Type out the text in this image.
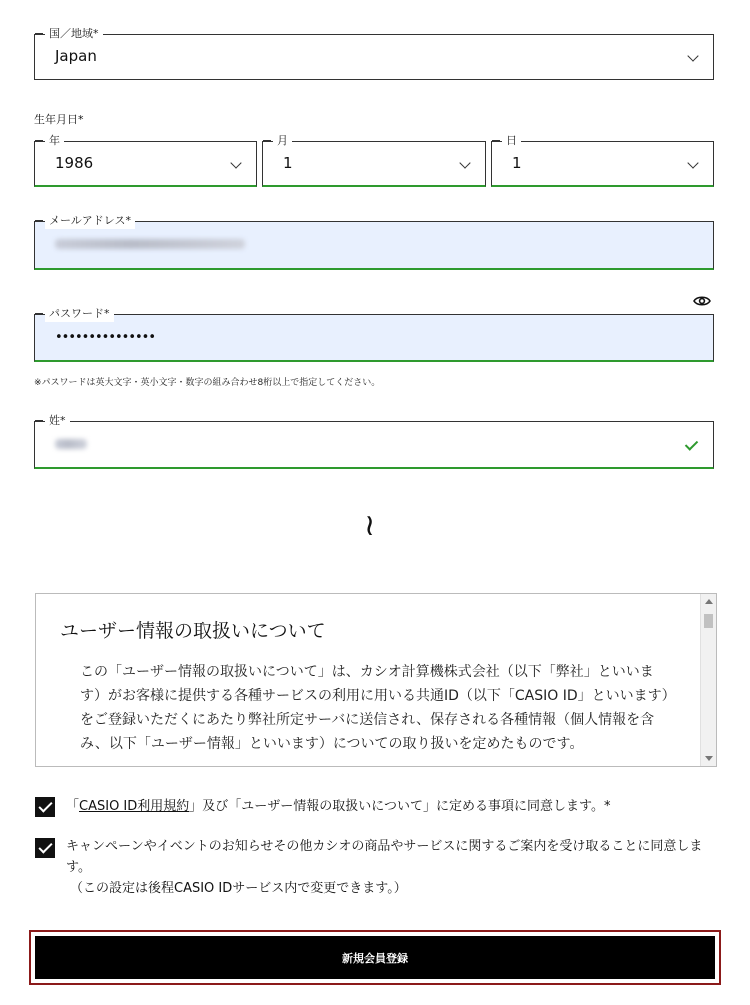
国／地域*
Japan
生年月日*
年
1986
月
1
日
1
メールアドレス*
パスワード*
•••••••••••••••
※パスワードは英大文字・英小文字・数字の組み合わせ8桁以上で指定してください。
姓*
≀
ユーザー情報の取扱いについて
この「ユーザー情報の取扱いについて」は、カシオ計算機株式会社（以下「弊社」といいます）がお客様に提供する各種サービスの利用に用いる共通ID（以下「CASIO ID」といいます）をご登録いただくにあたり弊社所定サーバに送信され、保存される各種情報（個人情報を含み、以下「ユーザー情報」といいます）についての取り扱いを定めたものです。
「CASIO ID利用規約」及び「ユーザー情報の取扱いについて」に定める事項に同意します。*
キャンペーンやイベントのお知らせその他カシオの商品やサービスに関するご案内を受け取ることに同意します。
（この設定は後程CASIO IDサービス内で変更できます。）
新規会員登録
